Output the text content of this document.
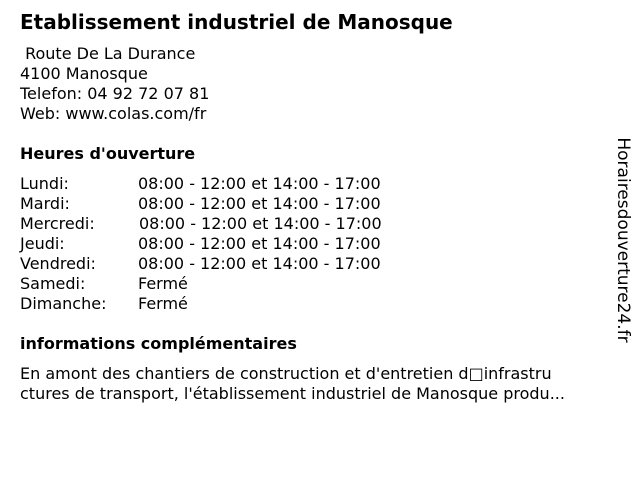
Etablissement industriel de Manosque
Route De La Durance
4100 Manosque
Telefon: 04 92 72 07 81
Web: www.colas.com/fr
Heures d'ouverture
Lundi:	08:00 - 12:00 et 14:00 - 17:00
Mardi:	08:00 - 12:00 et 14:00 - 17:00
Mercredi:	08:00 - 12:00 et 14:00 - 17:00
Jeudi:	08:00 - 12:00 et 14:00 - 17:00
Vendredi:	08:00 - 12:00 et 14:00 - 17:00
Samedi:	Fermé
Dimanche: Fermé
informations complémentaires
En amont des chantiers de construction et d'entretien d□infrastru
ctures de transport, l'établissement industriel de Manosque produ...
Horairesdouverture24.fr
